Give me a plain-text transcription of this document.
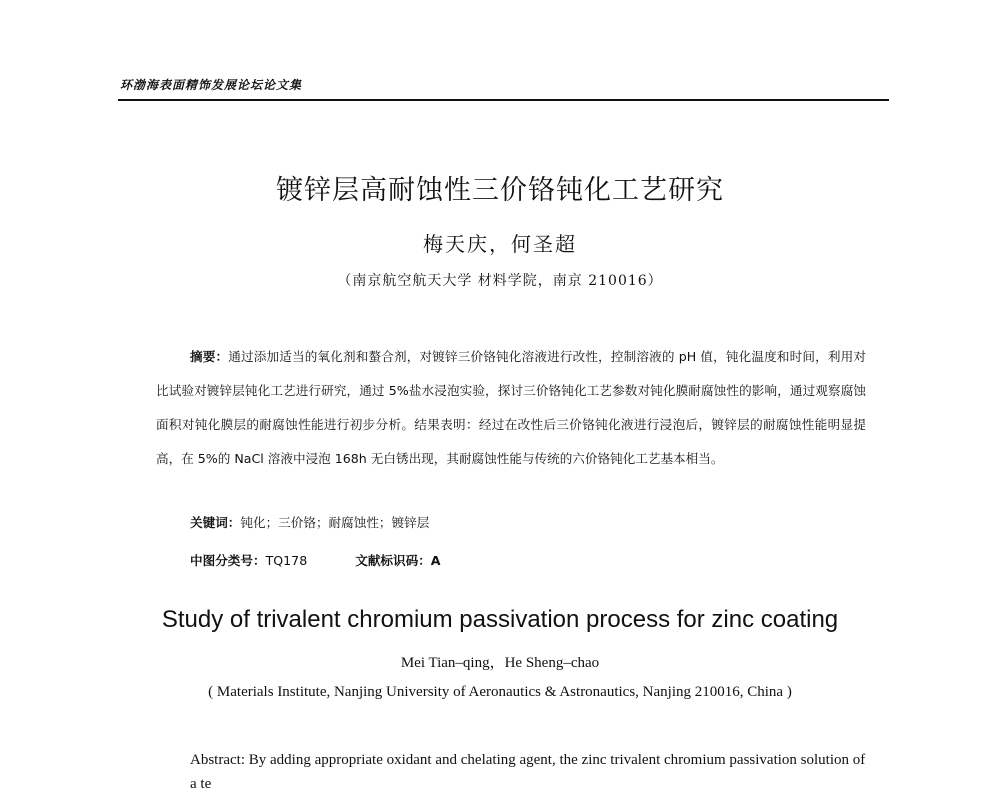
环渤海表面精饰发展论坛论文集
镀锌层高耐蚀性三价铬钝化工艺研究
梅天庆，何圣超
（南京航空航天大学 材料学院，南京 210016）
摘要：通过添加适当的氧化剂和螯合剂，对镀锌三价铬钝化溶液进行改性，控制溶液的 pH 值，钝化温度和时间，利用对比试验对镀锌层钝化工艺进行研究，通过 5%盐水浸泡实验，探讨三价铬钝化工艺参数对钝化膜耐腐蚀性的影响，通过观察腐蚀面积对钝化膜层的耐腐蚀性能进行初步分析。结果表明：经过在改性后三价铬钝化液进行浸泡后，镀锌层的耐腐蚀性能明显提高，在 5%的 NaCl 溶液中浸泡 168h 无白锈出现，其耐腐蚀性能与传统的六价铬钝化工艺基本相当。
关键词：钝化；三价铬；耐腐蚀性；镀锌层
中图分类号：TQ178	文献标识码：A
Study of trivalent chromium passivation process for zinc coating
Mei Tian–qing，He Sheng–chao
( Materials Institute, Nanjing University of Aeronautics & Astronautics, Nanjing 210016, China )
Abstract: By adding appropriate oxidant and chelating agent, the zinc trivalent chromium passivation solution of a te
